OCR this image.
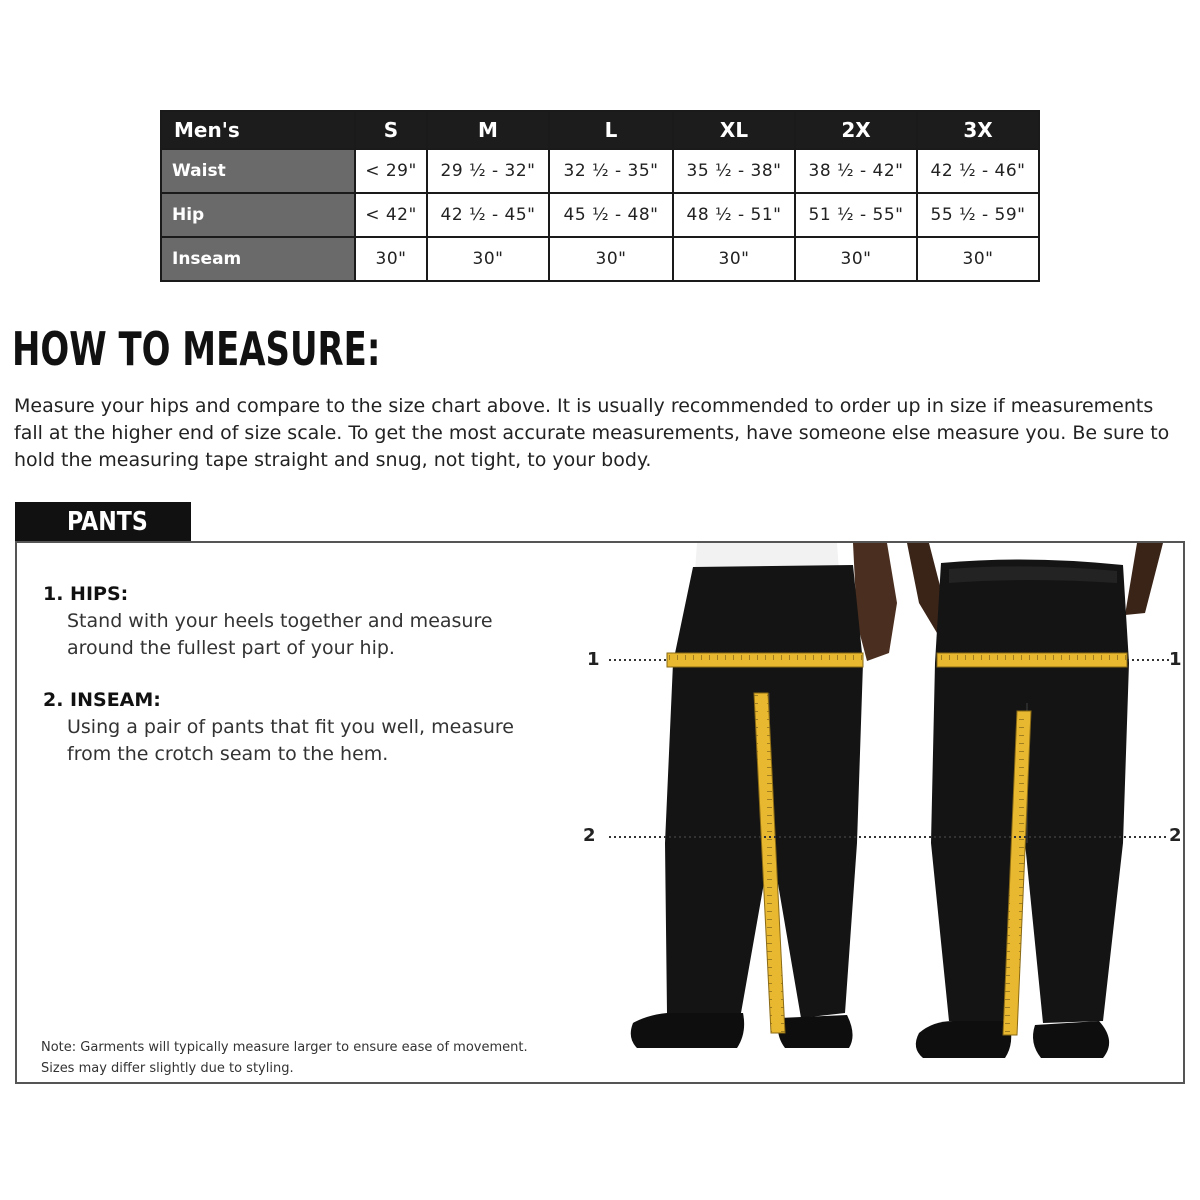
Men's	S	M	L	XL	2X	3X
Waist	< 29"	29 ½ - 32"	32 ½ - 35"	35 ½ - 38"	38 ½ - 42"	42 ½ - 46"
Hip	< 42"	42 ½ - 45"	45 ½ - 48"	48 ½ - 51"	51 ½ - 55"	55 ½ - 59"
Inseam	30"	30"	30"	30"	30"	30"
HOW TO MEASURE:

Measure your hips and compare to the size chart above. It is usually recommended to order up in size if measurements fall at the higher end of size scale. To get the most accurate measurements, have someone else measure you. Be sure to hold the measuring tape straight and snug, not tight, to your body.

PANTS
1. HIPS:
Stand with your heels together and measure around the fullest part of your hip.
2. INSEAM:
Using a pair of pants that fit you well, measure from the crotch seam to the hem.
Note: Garments will typically measure larger to ensure ease of movement. Sizes may differ slightly due to styling.
1	1
2	2
